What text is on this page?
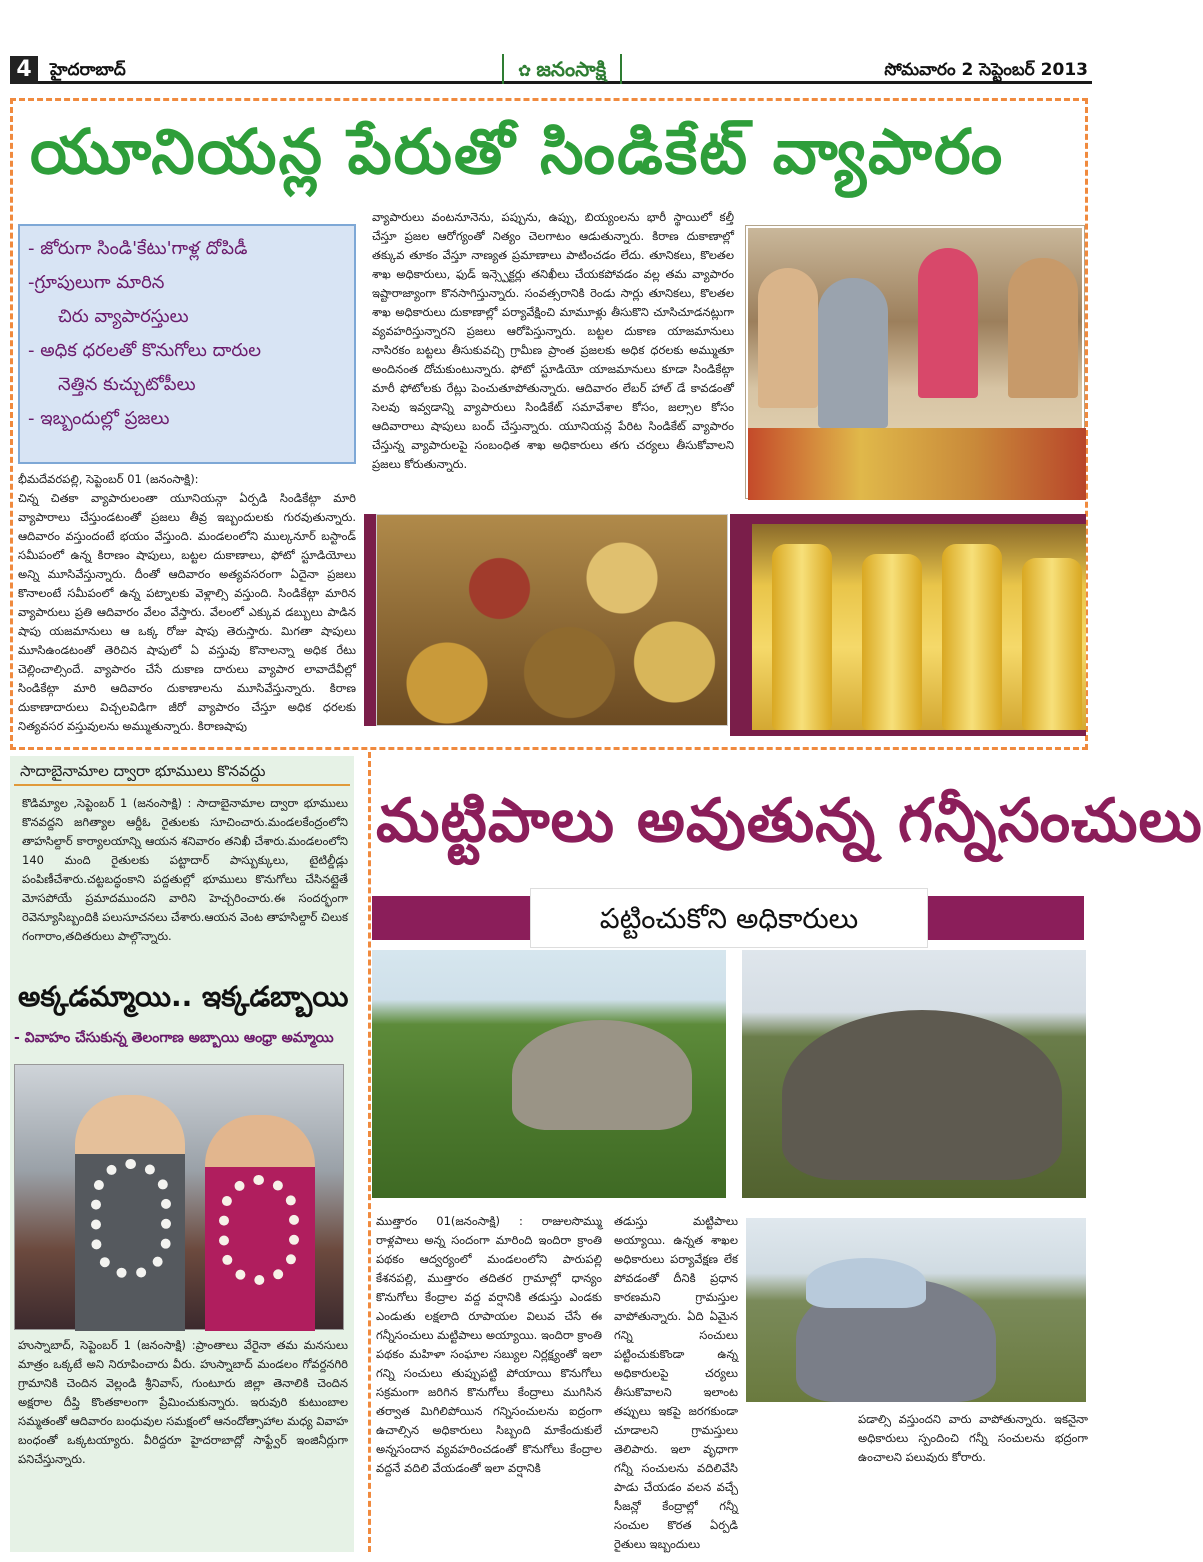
4	హైదరాబాద్	✿ జనంసాక్షి	సోమవారం 2 సెప్టెంబర్ 2013
యూనియన్ల పేరుతో సిండికేట్ వ్యాపారం
- జోరుగా సిండి'కేటు'గాళ్ల దోపిడీ
-గ్రూపులుగా మారిన
చిరు వ్యాపారస్తులు
- అధిక ధరలతో కొనుగోలు దారుల
నెత్తిన కుచ్చుటోపీలు
- ఇబ్బందుల్లో ప్రజలు
భీమదేవరపల్లి, సెప్టెంబర్ 01 (జనంసాక్షి):
చిన్న చితకా వ్యాపారులంతా యూనియన్గా ఏర్పడి సిండికేట్గా మారి వ్యాపారాలు చేస్తుండటంతో ప్రజలు తీవ్ర ఇబ్బందులకు గురవుతున్నారు. ఆదివారం వస్తుందంటే భయం వేస్తుంది. మండలంలోని ముల్కనూర్ బస్టాండ్ సమీపంలో ఉన్న కిరాణం షాపులు, బట్టల దుకాణాలు, ఫోటో స్టూడియోలు అన్ని మూసివేస్తున్నారు. దీంతో ఆదివారం అత్యవసరంగా ఏదైనా ప్రజలు కొనాలంటే సమీపంలో ఉన్న పట్నాలకు వెళ్లాల్సి వస్తుంది. సిండికేట్గా మారిన వ్యాపారులు ప్రతి ఆదివారం వేలం వేస్తారు. వేలంలో ఎక్కువ డబ్బులు పాడిన షాపు యజమానులు ఆ ఒక్క రోజు షాపు తెరుస్తారు. మిగతా షాపులు మూసిఉండటంతో తెరిచిన షాపులో ఏ వస్తువు కొనాలన్నా అధిక రేటు చెల్లించాల్సిందే. వ్యాపారం చేసే దుకాణ దారులు వ్యాపార లావాదేవీల్లో సిండికేట్గా మారి ఆదివారం దుకాణాలను మూసివేస్తున్నారు. కిరాణ దుకాణాదారులు విచ్చలవిడిగా జీరో వ్యాపారం చేస్తూ అధిక ధరలకు నిత్యవసర వస్తువులను అమ్ముతున్నారు. కిరాణషాపు
వ్యాపారులు వంటనూనెను, పప్పును, ఉప్పు, బియ్యంలను భారీ స్థాయిలో కల్తీ చేస్తూ ప్రజల ఆరోగ్యంతో నిత్యం చెలగాటం ఆడుతున్నారు. కిరాణ దుకాణాల్లో తక్కువ తూకం వేస్తూ నాణ్యత ప్రమాణాలు పాటించడం లేదు. తూనికలు, కొలతల శాఖ అధికారులు, ఫుడ్ ఇన్స్పెక్టర్లు తనిఖీలు చేయకపోవడం వల్ల తమ వ్యాపారం ఇష్టారాజ్యాంగా కొనసాగిస్తున్నారు. సంవత్సరానికి రెండు సార్లు తూనికలు, కొలతల శాఖ అధికారులు దుకాణాల్లో పర్యావేక్షించి మామూళ్లు తీసుకొని చూసిచూడనట్లుగా వ్యవహరిస్తున్నారని ప్రజలు ఆరోపిస్తున్నారు. బట్టల దుకాణ యాజమానులు నాసిరకం బట్టలు తీసుకువచ్చి గ్రామీణ ప్రాంత ప్రజలకు అధిక ధరలకు అమ్ముతూ అందినంత దోచుకుంటున్నారు. ఫోటో స్టూడియో యాజమానులు కూడా సిండికేట్గా మారీ ఫోటోలకు రేట్లు పెంచుతూపోతున్నారు. ఆదివారం లేబర్ హాల్ డే కావడంతో సెలవు ఇవ్వడాన్ని వ్యాపారులు సిండికేట్ సమావేశాల కోసం, జల్సాల కోసం ఆదివారాలు షాపులు బంద్ చేస్తున్నారు. యూనియన్ల పేరిట సిండికేట్ వ్యాపారం చేస్తున్న వ్యాపారులపై సంబంధిత శాఖ అధికారులు తగు చర్యలు తీసుకోవాలని ప్రజలు కోరుతున్నారు.
సాదాబైనామాల ద్వారా భూములు కొనవద్దు
కొడిమ్యాల ,సెప్టెంబర్ 1 (జనంసాక్షి) : సాదాబైనామాల ద్వారా భూములు కొనవద్దని జగిత్యాల ఆర్డీఓ రైతులకు సూచించారు.మండలకేంద్రంలోని తాహసిల్దార్ కార్యాలయాన్ని ఆయన శనివారం తనిఖీ చేశారు.మండలంలోని 140 మంది రైతులకు పట్టాదార్ పాస్బుక్కులు, టైటిల్డీడ్లు పంపిణీచేశారు.చట్టబద్ధంకాని పద్దతుల్లో భూములు కొనుగోలు చేసినట్లైతే మోసపోయే ప్రమాదముందని వారిని హెచ్చరించారు.ఈ సందర్భంగా రెవెన్యూసిబ్బందికి పలుసూచనలు చేశారు.ఆయన వెంట తాహసిల్దార్ చిలుక గంగారాం,తదితరులు పాల్గొన్నారు.
అక్కడమ్మాయి.. ఇక్కడబ్బాయి
- వివాహం చేసుకున్న తెలంగాణ అబ్బాయి ఆంధ్రా అమ్మాయి
హుస్నాబాద్, సెప్టెంబర్ 1 (జనంసాక్షి) :ప్రాంతాలు వేరైనా తమ మనసులు మాత్రం ఒక్కటే అని నిరూపించారు వీరు. హుస్నాబాద్ మండలం గోవర్దనగిరి గ్రామానికి చెందిన వెల్లండి శ్రీనివాస్, గుంటూరు జిల్లా తెనాలికి చెందిన అక్షరాల దీప్తి కొంతకాలంగా ప్రేమించుకున్నారు. ఇరువురి కుటుంబాల సమ్మతంతో ఆదివారం బంధువుల సమక్షంలో ఆనందోత్సాహాల మధ్య వివాహ బంధంతో ఒక్కటయ్యారు. వీరిద్దరూ హైదరాబాద్లో సాఫ్ట్వేర్ ఇంజినీర్లుగా పనిచేస్తున్నారు.
మట్టిపాలు అవుతున్న గన్నీసంచులు
పట్టించుకోని అధికారులు
ముత్తారం 01(జనంసాక్షి) : రాజులసొమ్ము రాళ్లపాలు అన్న సందంగా మారింది ఇందిరా క్రాంతి పథకం ఆద్వర్యంలో మండలంలోని పారుపల్లి కేశనపల్లి, ముత్తారం తదితర గ్రామాల్లో ధాన్యం కొనుగోలు కేంద్రాల వద్ద వర్షానికి తడుస్తు ఎండకు ఎండుతు లక్షలాది రూపాయల విలువ చేసే ఈ గన్నీసంచులు మట్టిపాలు అయ్యాయి. ఇందిరా క్రాంతి పథకం మహిళా సంఘాల సబ్యుల నిర్లక్ష్యంతో ఇలా గన్ని సంచులు తుప్పుపట్టి పోయాయి కొనుగోలు సక్రమంగా జరిగిన కొనుగోలు కేంద్రాలు ముగిసిన తర్వాత మిగిలిపోయిన గన్నిసంచులను ఐద్రంగా ఉచాల్సిన అధికారులు సిబ్బంది మాకేందుకులే అన్నసందాన వ్యవహరించడంతో కొనుగోలు కేంద్రాల వద్దనే వదిలి వేయడంతో ఇలా వర్షానికి
తడుస్తు మట్టిపాలు అయ్యాయి. ఉన్నత శాఖల అధికారులు పర్యావేక్షణ లేక పోవడంతో దీనికి ప్రధాన కారణమని గ్రామస్తుల వాపోతున్నారు. ఏది ఏమైన గన్ని సంచులు పట్టించుకుకొండా ఉన్న అధికారులపై చర్యలు తీసుకొవాలని ఇలాంట తప్పులు ఇకపై జరగకుండా చూడాలని గ్రామస్తులు తెలిపారు. ఇలా వృధాగా గన్నీ సంచులను వదిలివేసి పాడు చేయడం వలన వచ్చే సీజన్లో కేంద్రాల్లో గన్నీ సంచుల కొరత ఏర్పడి రైతులు ఇబ్బందులు
పడాల్సి వస్తుందని వారు వాపోతున్నారు. ఇకనైనా అధికారులు స్పందించి గన్నీ సంచులను భద్రంగా ఉంచాలని పలువురు కోరారు.
